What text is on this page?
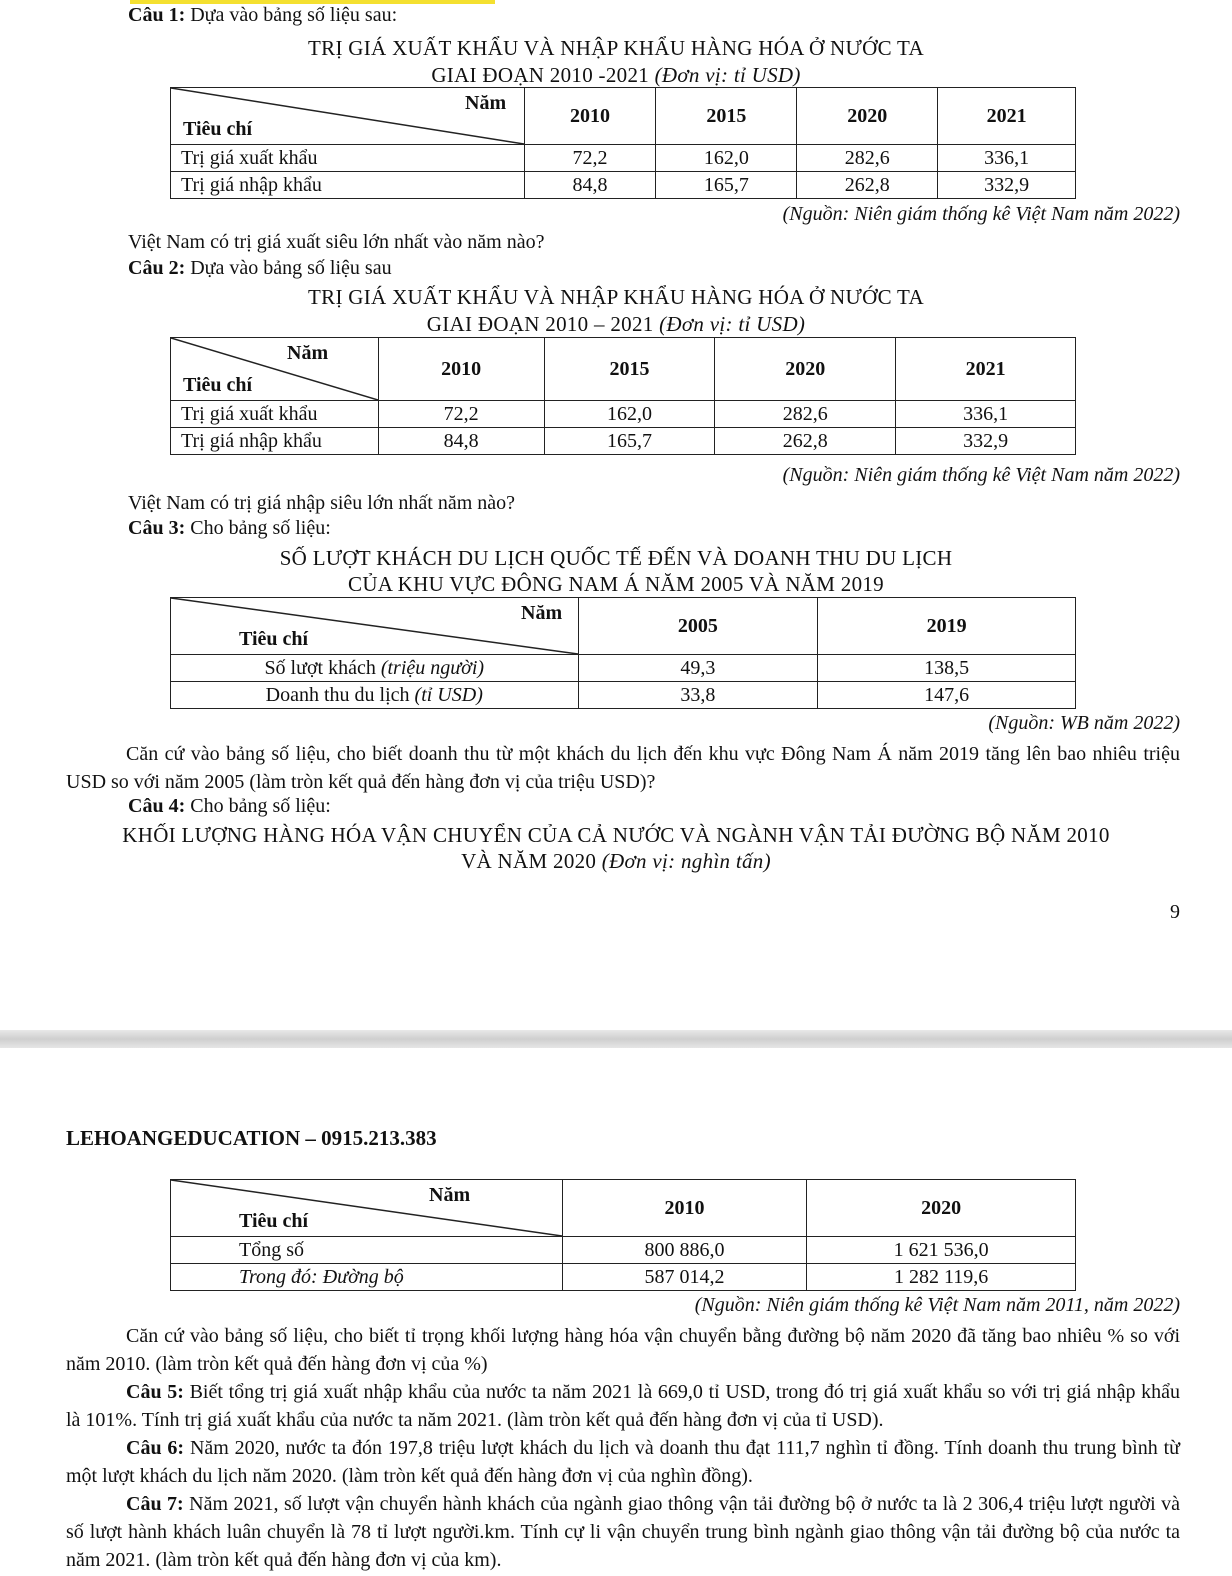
Câu 1: Dựa vào bảng số liệu sau:
TRỊ GIÁ XUẤT KHẨU VÀ NHẬP KHẨU HÀNG HÓA Ở NƯỚC TA
GIAI ĐOẠN 2010 -2021 (Đơn vị: tỉ USD)
Năm
Tiêu chí	2010	2015	2020	2021
Trị giá xuất khẩu	72,2	162,0	282,6	336,1
Trị giá nhập khẩu	84,8	165,7	262,8	332,9
(Nguồn: Niên giám thống kê Việt Nam năm 2022)
Việt Nam có trị giá xuất siêu lớn nhất vào năm nào?
Câu 2: Dựa vào bảng số liệu sau
TRỊ GIÁ XUẤT KHẨU VÀ NHẬP KHẨU HÀNG HÓA Ở NƯỚC TA
GIAI ĐOẠN 2010 – 2021 (Đơn vị: tỉ USD)
Năm
Tiêu chí	2010	2015	2020	2021
Trị giá xuất khẩu	72,2	162,0	282,6	336,1
Trị giá nhập khẩu	84,8	165,7	262,8	332,9
(Nguồn: Niên giám thống kê Việt Nam năm 2022)
Việt Nam có trị giá nhập siêu lớn nhất năm nào?
Câu 3: Cho bảng số liệu:
SỐ LƯỢT KHÁCH DU LỊCH QUỐC TẾ ĐẾN VÀ DOANH THU DU LỊCH
CỦA KHU VỰC ĐÔNG NAM Á NĂM 2005 VÀ NĂM 2019
Năm
Tiêu chí	2005	2019
Số lượt khách (triệu người)	49,3	138,5
Doanh thu du lịch (tỉ USD)	33,8	147,6
(Nguồn: WB năm 2022)

Căn cứ vào bảng số liệu, cho biết doanh thu từ một khách du lịch đến khu vực Đông Nam Á năm 2019 tăng lên bao nhiêu triệu USD so với năm 2005 (làm tròn kết quả đến hàng đơn vị của triệu USD)?

Câu 4: Cho bảng số liệu:
KHỐI LƯỢNG HÀNG HÓA VẬN CHUYỂN CỦA CẢ NƯỚC VÀ NGÀNH VẬN TẢI ĐƯỜNG BỘ NĂM 2010
VÀ NĂM 2020 (Đơn vị: nghìn tấn)
9
LEHOANGEDUCATION – 0915.213.383
Năm
Tiêu chí	2010	2020
Tổng số	800 886,0	1 621 536,0
Trong đó: Đường bộ	587 014,2	1 282 119,6
(Nguồn: Niên giám thống kê Việt Nam năm 2011, năm 2022)

Căn cứ vào bảng số liệu, cho biết tỉ trọng khối lượng hàng hóa vận chuyển bằng đường bộ năm 2020 đã tăng bao nhiêu % so với năm 2010. (làm tròn kết quả đến hàng đơn vị của %)

Câu 5: Biết tổng trị giá xuất nhập khẩu của nước ta năm 2021 là 669,0 tỉ USD, trong đó trị giá xuất khẩu so với trị giá nhập khẩu là 101%. Tính trị giá xuất khẩu của nước ta năm 2021. (làm tròn kết quả đến hàng đơn vị của tỉ USD).

Câu 6: Năm 2020, nước ta đón 197,8 triệu lượt khách du lịch và doanh thu đạt 111,7 nghìn tỉ đồng. Tính doanh thu trung bình từ một lượt khách du lịch năm 2020. (làm tròn kết quả đến hàng đơn vị của nghìn đồng).

Câu 7: Năm 2021, số lượt vận chuyển hành khách của ngành giao thông vận tải đường bộ ở nước ta là 2 306,4 triệu lượt người và số lượt hành khách luân chuyển là 78 tỉ lượt người.km. Tính cự li vận chuyển trung bình ngành giao thông vận tải đường bộ của nước ta năm 2021. (làm tròn kết quả đến hàng đơn vị của km).
